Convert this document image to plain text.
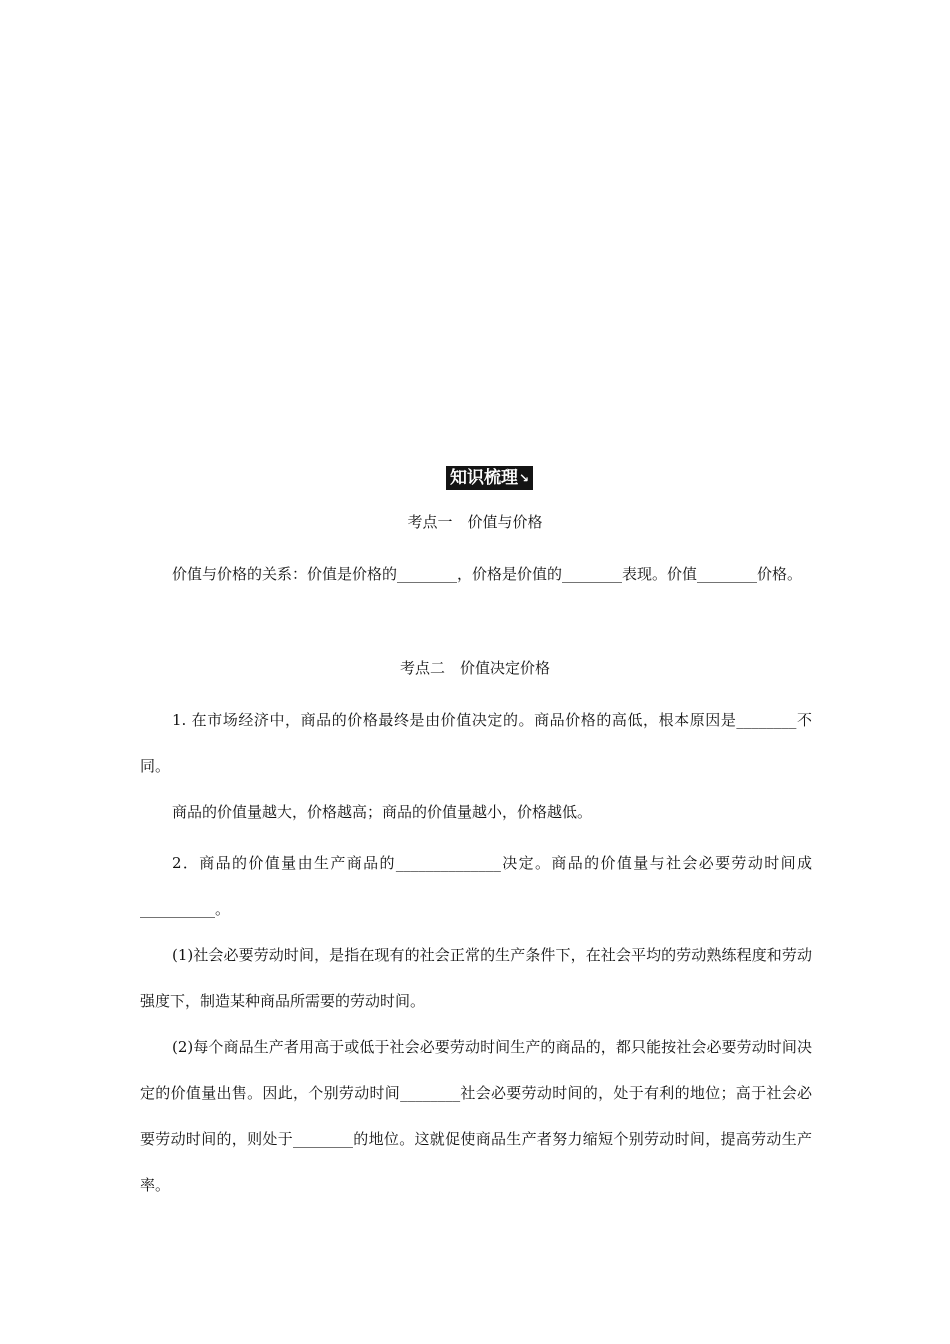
知识梳理 ↘
考点一　价值与价格

价值与价格的关系：价值是价格的________，价格是价值的________表现。价值________价格。

考点二　价值决定价格

1. 在市场经济中，商品的价格最终是由价值决定的。商品价格的高低，根本原因是________不同。

商品的价值量越大，价格越高；商品的价值量越小，价格越低。

2．商品的价值量由生产商品的______________决定。商品的价值量与社会必要劳动时间成__________。

(1)社会必要劳动时间，是指在现有的社会正常的生产条件下，在社会平均的劳动熟练程度和劳动强度下，制造某种商品所需要的劳动时间。

(2)每个商品生产者用高于或低于社会必要劳动时间生产的商品的，都只能按社会必要劳动时间决定的价值量出售。因此，个别劳动时间________社会必要劳动时间的，处于有利的地位；高于社会必要劳动时间的，则处于________的地位。这就促使商品生产者努力缩短个别劳动时间，提高劳动生产率。
